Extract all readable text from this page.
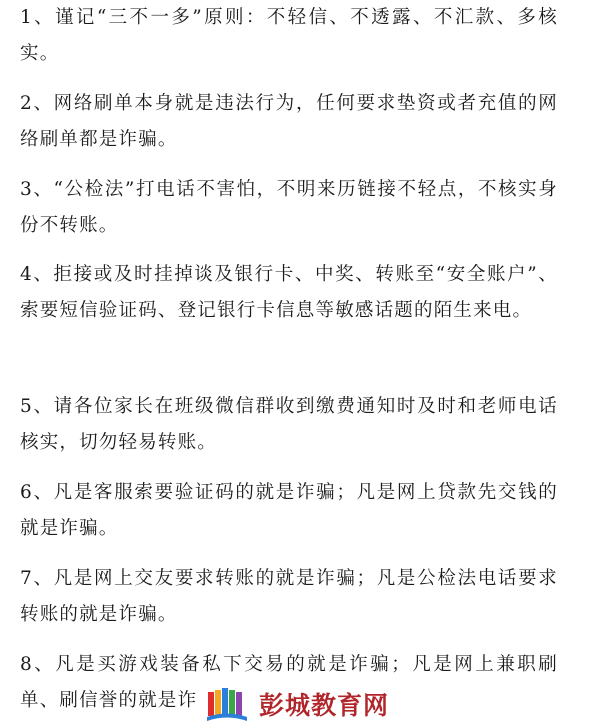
1、谨记“三不一多”原则：不轻信、不透露、不汇款、多核实。

2、网络刷单本身就是违法行为，任何要求垫资或者充值的网络刷单都是诈骗。

3、“公检法”打电话不害怕，不明来历链接不轻点，不核实身份不转账。

4、拒接或及时挂掉谈及银行卡、中奖、转账至“安全账户”、索要短信验证码、登记银行卡信息等敏感话题的陌生来电。

5、请各位家长在班级微信群收到缴费通知时及时和老师电话核实，切勿轻易转账。

6、凡是客服索要验证码的就是诈骗；凡是网上贷款先交钱的就是诈骗。

7、凡是网上交友要求转账的就是诈骗；凡是公检法电话要求转账的就是诈骗。

8、凡是买游戏装备私下交易的就是诈骗；凡是网上兼职刷单、刷信誉的就是诈	彭城教育网
